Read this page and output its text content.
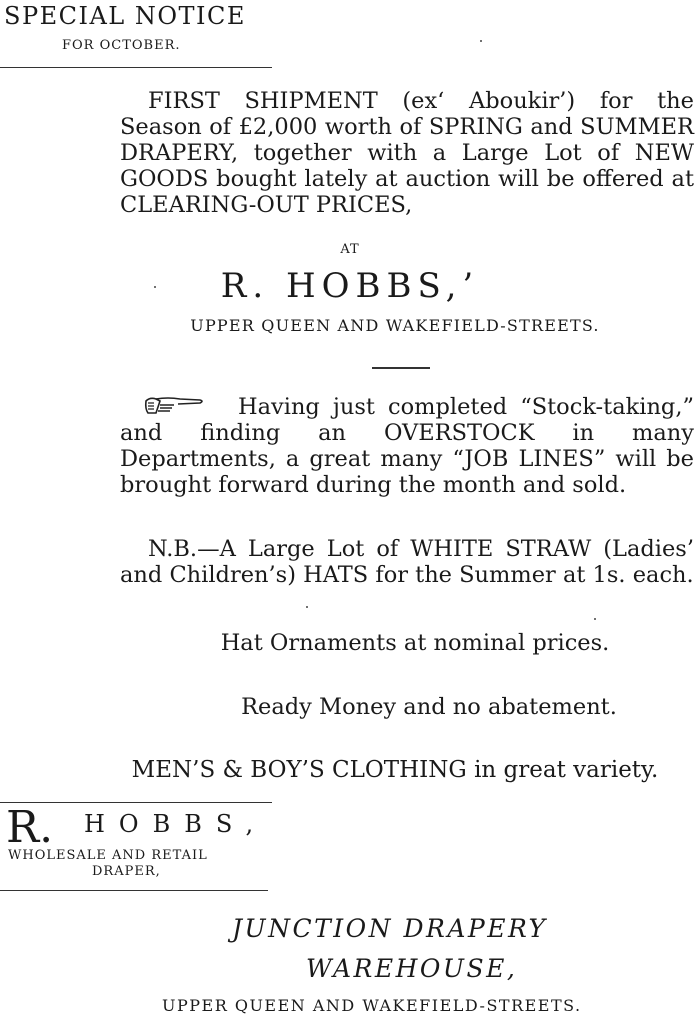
SPECIAL NOTICE
FOR OCTOBER.
FIRST SHIPMENT (ex‘ Aboukir’) for the Season of £2,000 worth of SPRING and SUMMER DRAPERY, together with a Large Lot of NEW GOODS bought lately at auction will be offered at CLEARING-OUT PRICES,
AT
R. HOBBS,’
UPPER QUEEN AND WAKEFIELD-STREETS.
Having just completed “Stock-taking,” and finding an OVERSTOCK in many Departments, a great many “JOB LINES” will be brought forward during the month and sold.
N.B.—A Large Lot of WHITE STRAW (Ladies’ and Children’s) HATS for the Summer at 1s. each.
Hat Ornaments at nominal prices.
Ready Money and no abatement.
MEN’S & BOY’S CLOTHING in great variety.
R. HOBBS,
WHOLESALE AND RETAIL
DRAPER,
JUNCTION DRAPERY
WAREHOUSE,
UPPER QUEEN AND WAKEFIELD-STREETS.
